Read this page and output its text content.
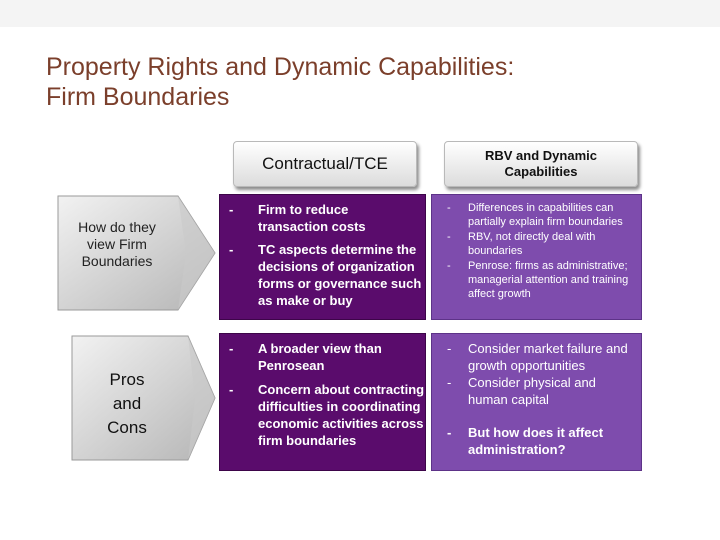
Property Rights and Dynamic Capabilities:
Firm Boundaries
Contractual/TCE	RBV and Dynamic
Capabilities
How do they
view Firm
Boundaries
Pros
and
Cons
- Firm to reduce transaction costs
- TC aspects determine the decisions of organization forms or governance such as make or buy
- Differences in capabilities can partially explain firm boundaries
- RBV, not directly deal with boundaries
- Penrose: firms as administrative; managerial attention and training affect growth
- A broader view than Penrosean
- Concern about contracting difficulties in coordinating economic activities across firm boundaries
- Consider market failure and growth opportunities
- Consider physical and human capital
- But how does it affect administration?
